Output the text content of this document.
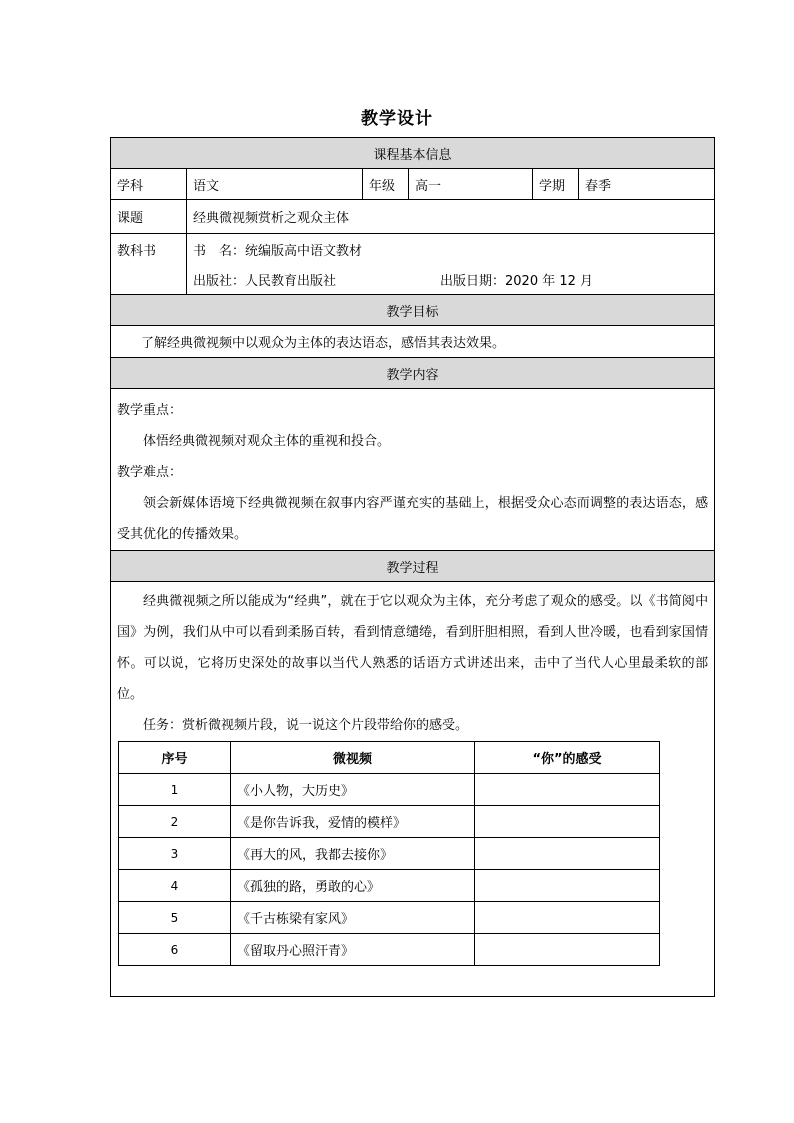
教学设计
课程基本信息
学科	语文	年级	高一	学期	春季
课题	经典微视频赏析之观众主体
教科书	书　名：统编版高中语文教材
出版社：人民教育出版社	出版日期：2020 年 12 月
教学目标
了解经典微视频中以观众为主体的表达语态，感悟其表达效果。
教学内容

教学重点：

体悟经典微视频对观众主体的重视和投合。

教学难点：

领会新媒体语境下经典微视频在叙事内容严谨充实的基础上，根据受众心态而调整的表达语态，感受其优化的传播效果。

教学过程

经典微视频之所以能成为“经典”，就在于它以观众为主体，充分考虑了观众的感受。以《书简阅中国》为例，我们从中可以看到柔肠百转，看到情意缱绻，看到肝胆相照，看到人世冷暖，也看到家国情怀。可以说，它将历史深处的故事以当代人熟悉的话语方式讲述出来，击中了当代人心里最柔软的部位。

任务：赏析微视频片段，说一说这个片段带给你的感受。

序号	微视频	“你”的感受
1	《小人物，大历史》	
2	《是你告诉我，爱情的模样》	
3	《再大的风，我都去接你》	
4	《孤独的路，勇敢的心》	
5	《千古栋梁有家风》	
6	《留取丹心照汗青》	
